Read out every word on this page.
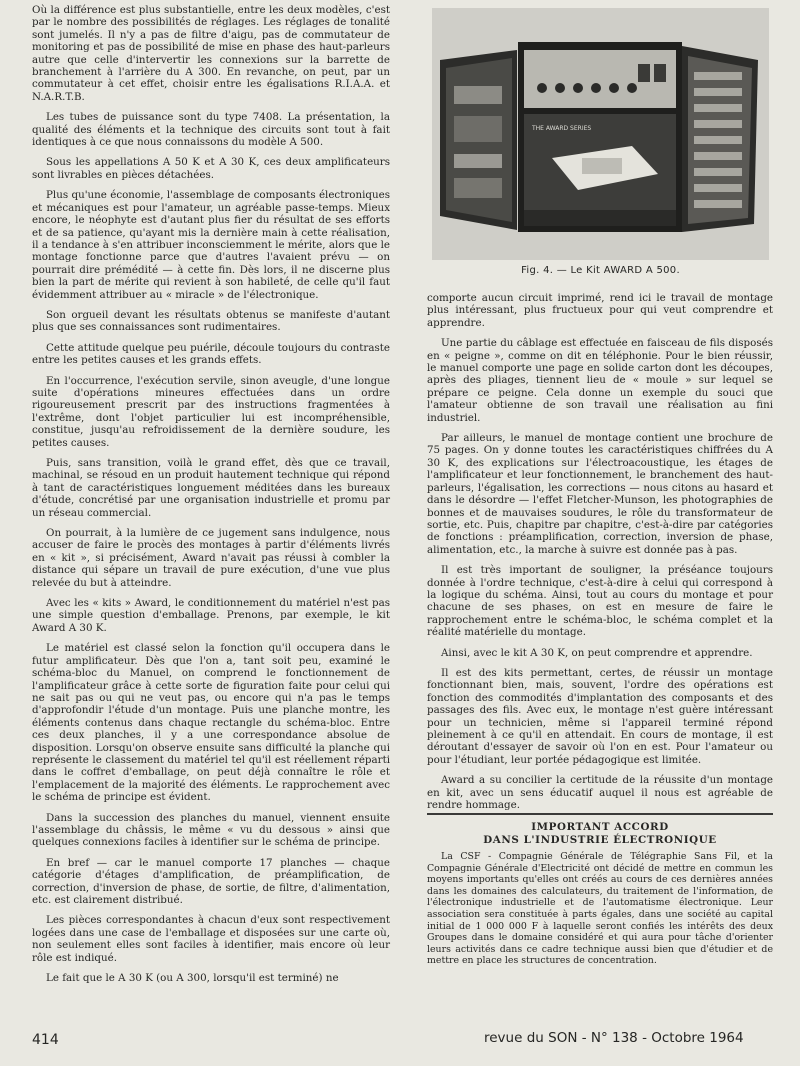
Où la différence est plus substantielle, entre les deux modèles, c'est par le nombre des possibilités de réglages. Les réglages de tonalité sont jumelés. Il n'y a pas de filtre d'aigu, pas de commutateur de monitoring et pas de possibilité de mise en phase des haut-parleurs autre que celle d'intervertir les connexions sur la barrette de branchement à l'arrière du A 300. En revanche, on peut, par un commutateur à cet effet, choisir entre les égalisations R.I.A.A. et N.A.R.T.B.

Les tubes de puissance sont du type 7408. La présentation, la qualité des éléments et la technique des circuits sont tout à fait identiques à ce que nous connaissons du modèle A 500.

Sous les appellations A 50 K et A 30 K, ces deux amplificateurs sont livrables en pièces détachées.

Plus qu'une économie, l'assemblage de composants électroniques et mécaniques est pour l'amateur, un agréable passe-temps. Mieux encore, le néophyte est d'autant plus fier du résultat de ses efforts et de sa patience, qu'ayant mis la dernière main à cette réalisation, il a tendance à s'en attribuer inconsciemment le mérite, alors que le montage fonctionne parce que d'autres l'avaient prévu — on pourrait dire prémédité — à cette fin. Dès lors, il ne discerne plus bien la part de mérite qui revient à son habileté, de celle qu'il faut évidemment attribuer au « miracle » de l'électronique.

Son orgueil devant les résultats obtenus se manifeste d'autant plus que ses connaissances sont rudimentaires.

Cette attitude quelque peu puérile, découle toujours du contraste entre les petites causes et les grands effets.

En l'occurrence, l'exécution servile, sinon aveugle, d'une longue suite d'opérations mineures effectuées dans un ordre rigoureusement prescrit par des instructions fragmentées à l'extrême, dont l'objet particulier lui est incompréhensible, constitue, jusqu'au refroidissement de la dernière soudure, les petites causes.

Puis, sans transition, voilà le grand effet, dès que ce travail, machinal, se résoud en un produit hautement technique qui répond à tant de caractéristiques longuement méditées dans les bureaux d'étude, concrétisé par une organisation industrielle et promu par un réseau commercial.

On pourrait, à la lumière de ce jugement sans indulgence, nous accuser de faire le procès des montages à partir d'éléments livrés en « kit », si précisément, Award n'avait pas réussi à combler la distance qui sépare un travail de pure exécution, d'une vue plus relevée du but à atteindre.

Avec les « kits » Award, le conditionnement du matériel n'est pas une simple question d'emballage. Prenons, par exemple, le kit Award A 30 K.

Le matériel est classé selon la fonction qu'il occupera dans le futur amplificateur. Dès que l'on a, tant soit peu, examiné le schéma-bloc du Manuel, on comprend le fonctionnement de l'amplificateur grâce à cette sorte de figuration faite pour celui qui ne sait pas ou qui ne veut pas, ou encore qui n'a pas le temps d'approfondir l'étude d'un montage. Puis une planche montre, les éléments contenus dans chaque rectangle du schéma-bloc. Entre ces deux planches, il y a une correspondance absolue de disposition. Lorsqu'on observe ensuite sans difficulté la planche qui représente le classement du matériel tel qu'il est réellement réparti dans le coffret d'emballage, on peut déjà connaître le rôle et l'emplacement de la majorité des éléments. Le rapprochement avec le schéma de principe est évident.

Dans la succession des planches du manuel, viennent ensuite l'assemblage du châssis, le même « vu du dessous » ainsi que quelques connexions faciles à identifier sur le schéma de principe.

En bref — car le manuel comporte 17 planches — chaque catégorie d'étages d'amplification, de préamplification, de correction, d'inversion de phase, de sortie, de filtre, d'alimentation, etc. est clairement distribué.

Les pièces correspondantes à chacun d'eux sont respectivement logées dans une case de l'emballage et disposées sur une carte où, non seulement elles sont faciles à identifier, mais encore où leur rôle est indiqué.

Le fait que le A 30 K (ou A 300, lorsqu'il est terminé) ne

THE AWARD SERIES
Fig. 4. — Le Kit AWARD A 500.

comporte aucun circuit imprimé, rend ici le travail de montage plus intéressant, plus fructueux pour qui veut comprendre et apprendre.

Une partie du câblage est effectuée en faisceau de fils disposés en « peigne », comme on dit en téléphonie. Pour le bien réussir, le manuel comporte une page en solide carton dont les découpes, après des pliages, tiennent lieu de « moule » sur lequel se prépare ce peigne. Cela donne un exemple du souci que l'amateur obtienne de son travail une réalisation au fini industriel.

Par ailleurs, le manuel de montage contient une brochure de 75 pages. On y donne toutes les caractéristiques chiffrées du A 30 K, des explications sur l'électroacoustique, les étages de l'amplificateur et leur fonctionnement, le branchement des haut-parleurs, l'égalisation, les corrections — nous citons au hasard et dans le désordre — l'effet Fletcher-Munson, les photographies de bonnes et de mauvaises soudures, le rôle du transformateur de sortie, etc. Puis, chapitre par chapitre, c'est-à-dire par catégories de fonctions : préamplification, correction, inversion de phase, alimentation, etc., la marche à suivre est donnée pas à pas.

Il est très important de souligner, la préséance toujours donnée à l'ordre technique, c'est-à-dire à celui qui correspond à la logique du schéma. Ainsi, tout au cours du montage et pour chacune de ses phases, on est en mesure de faire le rapprochement entre le schéma-bloc, le schéma complet et la réalité matérielle du montage.

Ainsi, avec le kit A 30 K, on peut comprendre et apprendre.

Il est des kits permettant, certes, de réussir un montage fonctionnant bien, mais, souvent, l'ordre des opérations est fonction des commodités d'implantation des composants et des passages des fils. Avec eux, le montage n'est guère intéressant pour un technicien, même si l'appareil terminé répond pleinement à ce qu'il en attendait. En cours de montage, il est déroutant d'essayer de savoir où l'on en est. Pour l'amateur ou pour l'étudiant, leur portée pédagogique est limitée.

Award a su concilier la certitude de la réussite d'un montage en kit, avec un sens éducatif auquel il nous est agréable de rendre hommage.

IMPORTANT ACCORD
DANS L'INDUSTRIE ÉLECTRONIQUE
La CSF - Compagnie Générale de Télégraphie Sans Fil, et la Compagnie Générale d'Electricité ont décidé de mettre en commun les moyens importants qu'elles ont créés au cours de ces dernières années dans les domaines des calculateurs, du traitement de l'information, de l'électronique industrielle et de l'automatisme électronique. Leur association sera constituée à parts égales, dans une société au capital initial de 1 000 000 F à laquelle seront confiés les intérêts des deux Groupes dans le domaine considéré et qui aura pour tâche d'orienter leurs activités dans ce cadre technique aussi bien que d'étudier et de mettre en place les structures de concentration.
414	revue du SON - N° 138 - Octobre 1964
